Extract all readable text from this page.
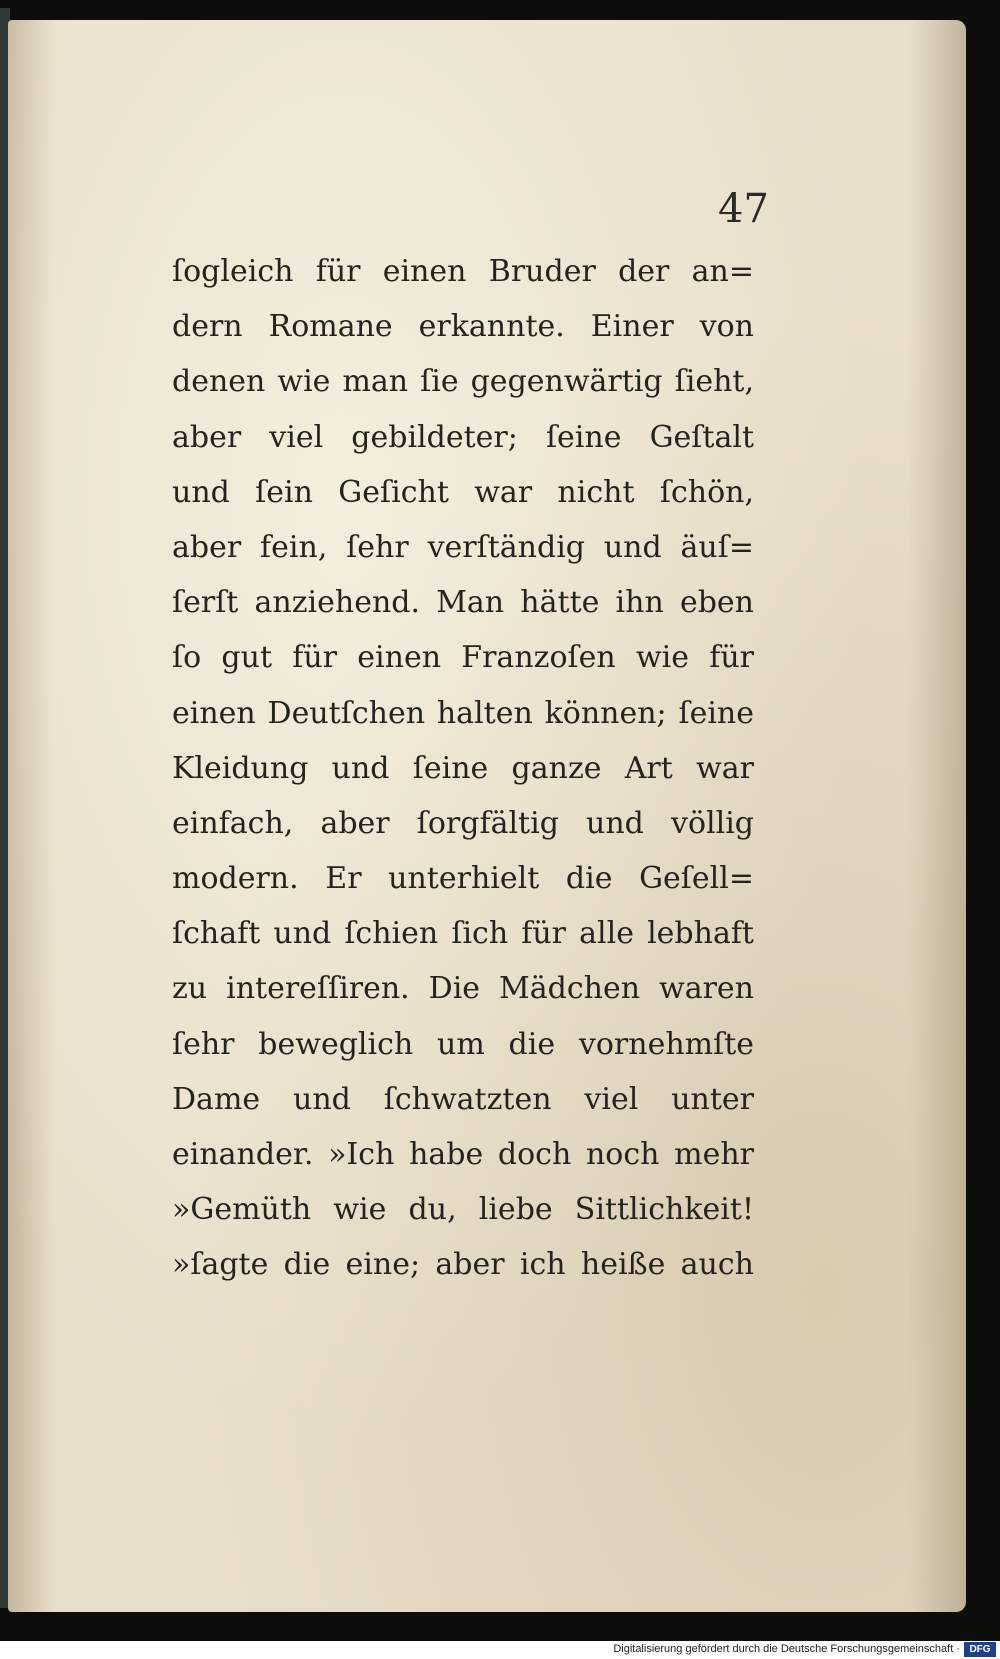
47
ſogleich für einen Bruder der an=
dern Romane erkannte. Einer von
denen wie man ſie gegenwärtig ſieht,
aber viel gebildeter; ſeine Geſtalt
und ſein Geſicht war nicht ſchön,
aber fein, ſehr verſtändig und äuſ=
ſerſt anziehend. Man hätte ihn eben
ſo gut für einen Franzoſen wie für
einen Deutſchen halten können; ſeine
Kleidung und ſeine ganze Art war
einfach, aber ſorgfältig und völlig
modern. Er unterhielt die Geſell=
ſchaft und ſchien ſich für alle lebhaft
zu intereſſiren. Die Mädchen waren
ſehr beweglich um die vornehmſte
Dame und ſchwatzten viel unter
einander. »Ich habe doch noch mehr
»Gemüth wie du, liebe Sittlichkeit!
»ſagte die eine; aber ich heiße auch
Digitalisierung gefördert durch die Deutsche Forschungsgemeinschaft · DFG
